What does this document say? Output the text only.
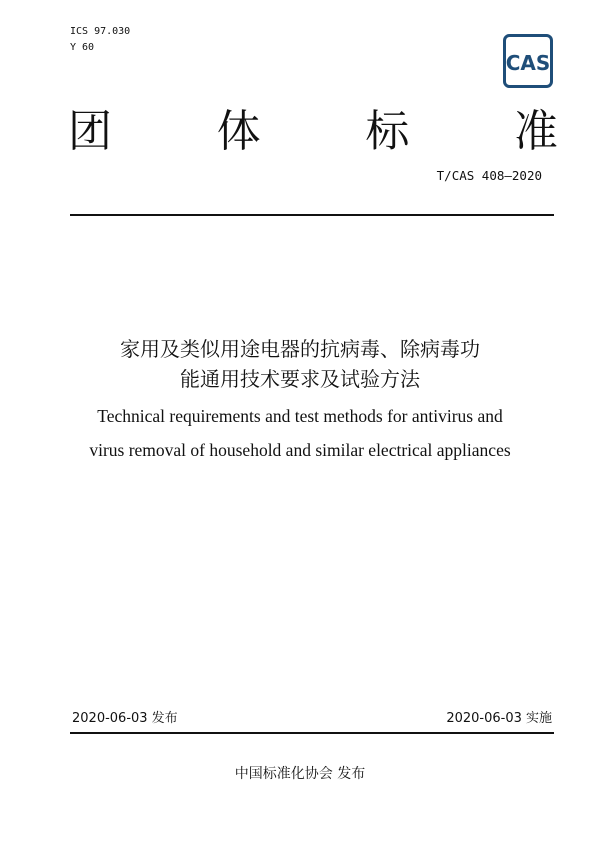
ICS 97.030
Y 60
CAS
团 体 标 准
T/CAS 408—2020
家用及类似用途电器的抗病毒、除病毒功
能通用技术要求及试验方法
Technical requirements and test methods for antivirus and
virus removal of household and similar electrical appliances
2020-06-03 发布	2020-06-03 实施
中国标准化协会 发布
